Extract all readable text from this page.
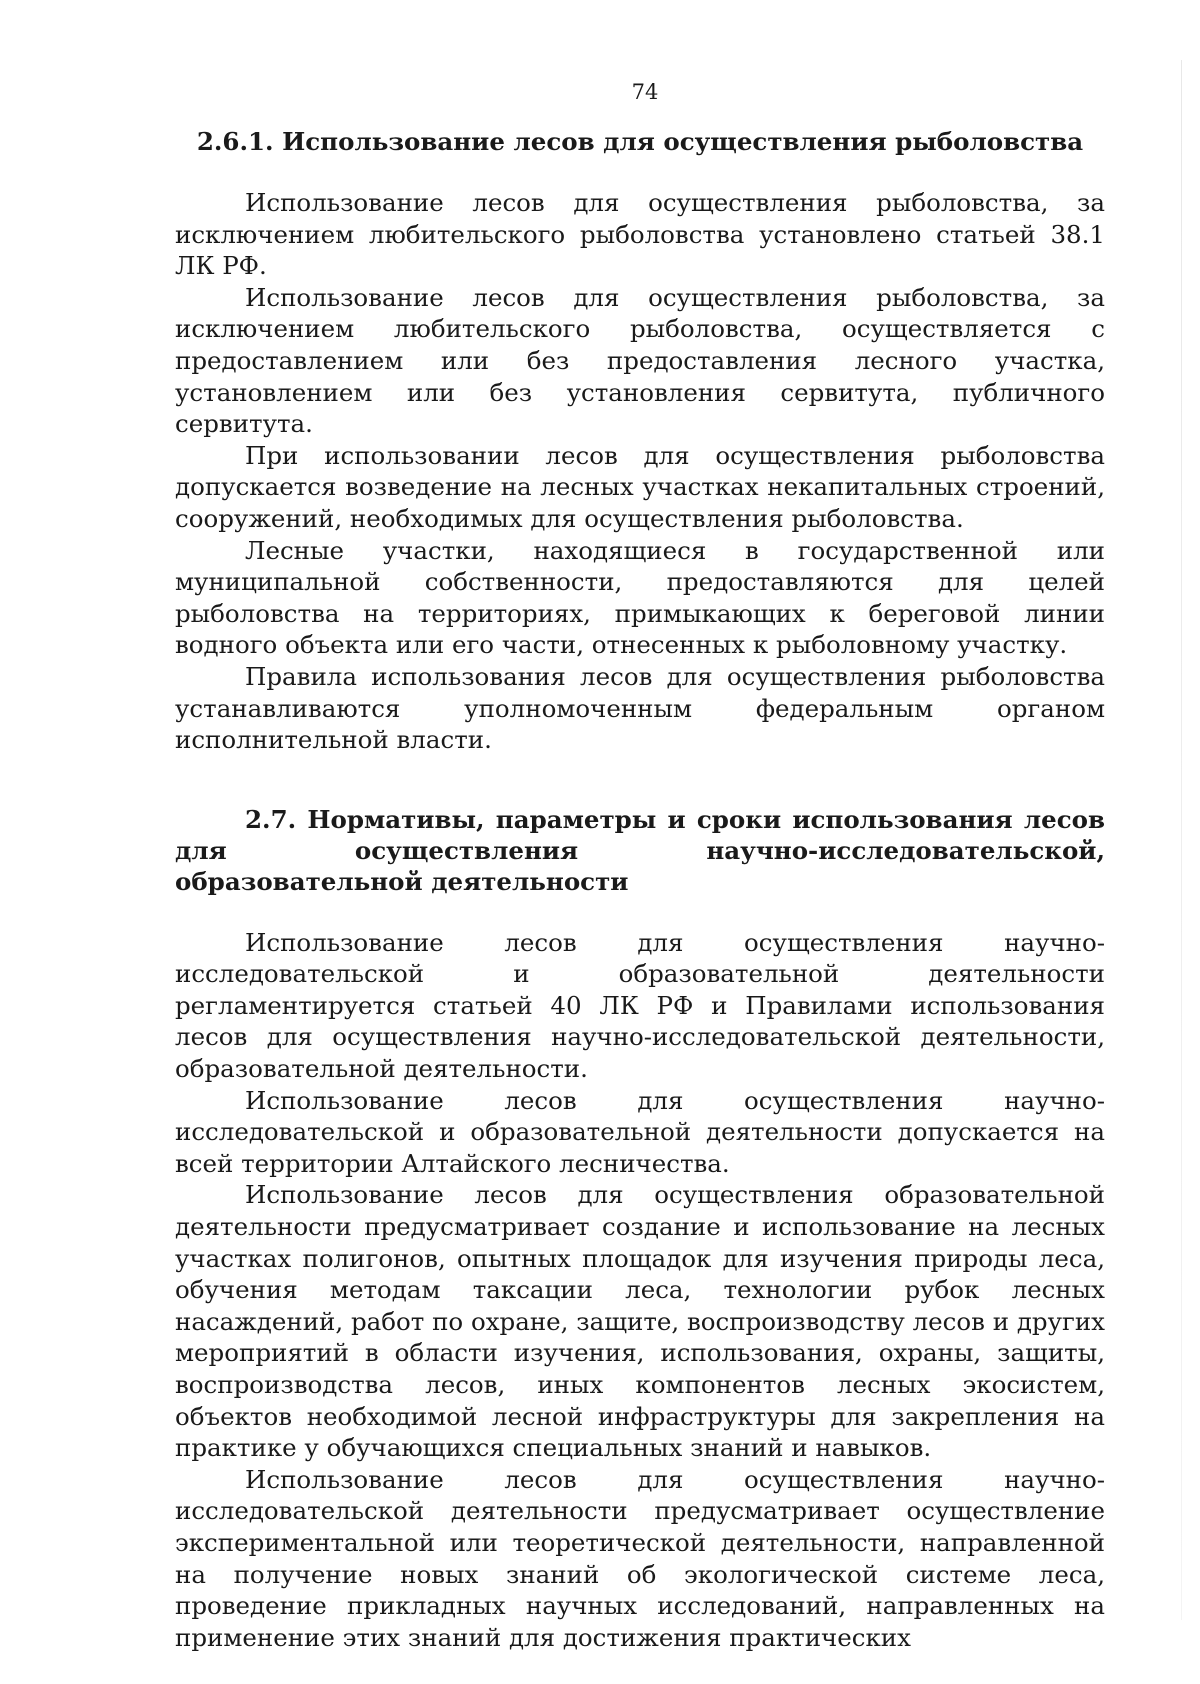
74
2.6.1. Использование лесов для осуществления рыболовства

Использование лесов для осуществления рыболовства, за исключением любительского рыболовства установлено статьей 38.1 ЛК РФ.

Использование лесов для осуществления рыболовства, за исключением любительского рыболовства, осуществляется с предоставлением или без предоставления лесного участка, установлением или без установления сервитута, публичного сервитута.

При использовании лесов для осуществления рыболовства допускается возведение на лесных участках некапитальных строений, сооружений, необходимых для осуществления рыболовства.

Лесные участки, находящиеся в государственной или муниципальной собственности, предоставляются для целей рыболовства на территориях, примыкающих к береговой линии водного объекта или его части, отнесенных к рыболовному участку.

Правила использования лесов для осуществления рыболовства устанавливаются уполномоченным федеральным органом исполнительной власти.

2.7. Нормативы, параметры и сроки использования лесов для осуществления научно-исследовательской, образовательной деятельности

Использование лесов для осуществления научно-исследовательской и образовательной деятельности регламентируется статьей 40 ЛК РФ и Правилами использования лесов для осуществления научно-исследовательской деятельности, образовательной деятельности.

Использование лесов для осуществления научно-исследовательской и образовательной деятельности допускается на всей территории Алтайского лесничества.

Использование лесов для осуществления образовательной деятельности предусматривает создание и использование на лесных участках полигонов, опытных площадок для изучения природы леса, обучения методам таксации леса, технологии рубок лесных насаждений, работ по охране, защите, воспроизводству лесов и других мероприятий в области изучения, использования, охраны, защиты, воспроизводства лесов, иных компонентов лесных экосистем, объектов необходимой лесной инфраструктуры для закрепления на практике у обучающихся специальных знаний и навыков.

Использование лесов для осуществления научно-исследовательской деятельности предусматривает осуществление экспериментальной или теоретической деятельности, направленной на получение новых знаний об экологической системе леса, проведение прикладных научных исследований, направленных на применение этих знаний для достижения практических
